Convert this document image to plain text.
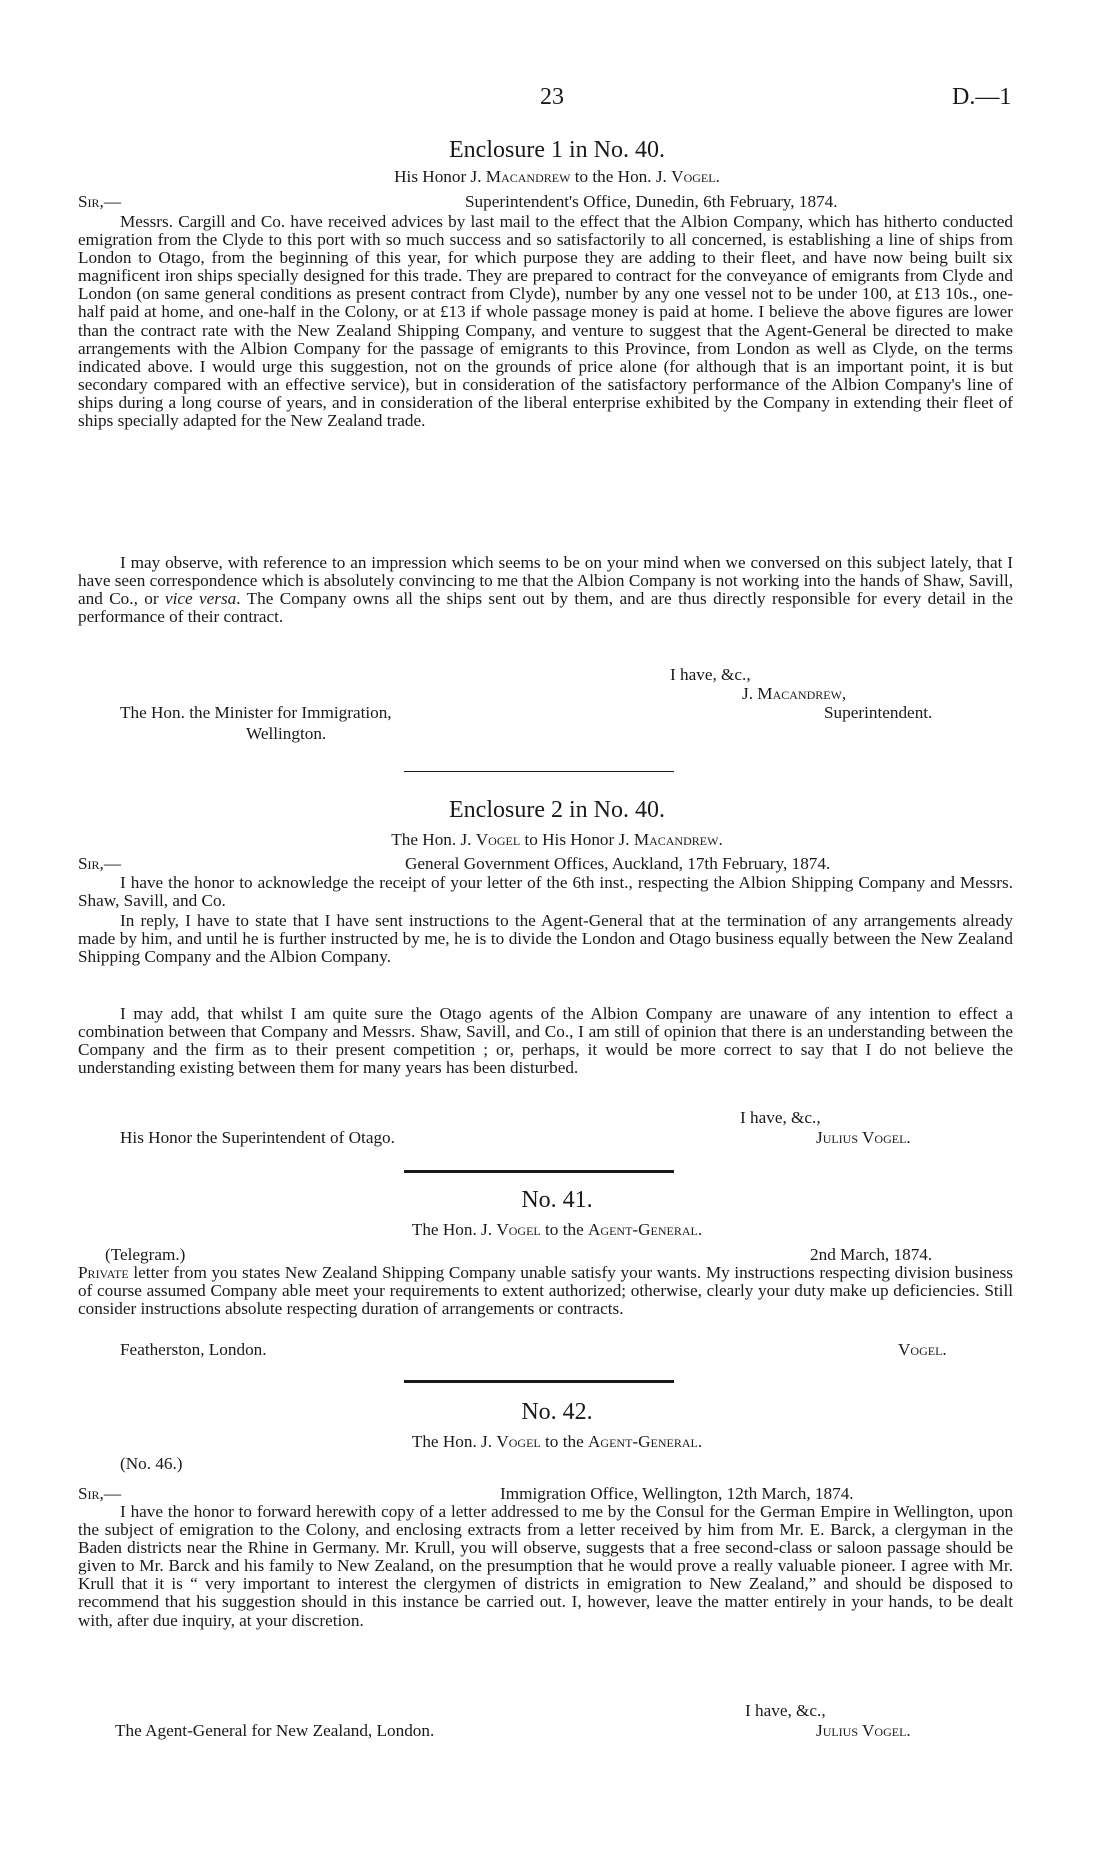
23	D.—1
Enclosure 1 in No. 40.
His Honor J. Macandrew to the Hon. J. Vogel.
Sir,—	Superintendent's Office, Dunedin, 6th February, 1874.

Messrs. Cargill and Co. have received advices by last mail to the effect that the Albion Company, which has hitherto conducted emigration from the Clyde to this port with so much success and so satisfactorily to all concerned, is establishing a line of ships from London to Otago, from the beginning of this year, for which purpose they are adding to their fleet, and have now being built six magnificent iron ships specially designed for this trade. They are prepared to contract for the conveyance of emigrants from Clyde and London (on same general conditions as present contract from Clyde), number by any one vessel not to be under 100, at £13 10s., one-half paid at home, and one-half in the Colony, or at £13 if whole passage money is paid at home. I believe the above figures are lower than the contract rate with the New Zealand Shipping Company, and venture to suggest that the Agent-General be directed to make arrangements with the Albion Company for the passage of emigrants to this Province, from London as well as Clyde, on the terms indicated above. I would urge this suggestion, not on the grounds of price alone (for although that is an important point, it is but secondary compared with an effective service), but in consideration of the satisfactory performance of the Albion Company's line of ships during a long course of years, and in consideration of the liberal enterprise exhibited by the Company in extending their fleet of ships specially adapted for the New Zealand trade.

I may observe, with reference to an impression which seems to be on your mind when we conversed on this subject lately, that I have seen correspondence which is absolutely convincing to me that the Albion Company is not working into the hands of Shaw, Savill, and Co., or vice versa. The Company owns all the ships sent out by them, and are thus directly responsible for every detail in the performance of their contract.

I have, &c.,
J. Macandrew,
The Hon. the Minister for Immigration,	Superintendent.
Wellington.
Enclosure 2 in No. 40.
The Hon. J. Vogel to His Honor J. Macandrew.
Sir,—	General Government Offices, Auckland, 17th February, 1874.

I have the honor to acknowledge the receipt of your letter of the 6th inst., respecting the Albion Shipping Company and Messrs. Shaw, Savill, and Co.

In reply, I have to state that I have sent instructions to the Agent-General that at the termination of any arrangements already made by him, and until he is further instructed by me, he is to divide the London and Otago business equally between the New Zealand Shipping Company and the Albion Company.

I may add, that whilst I am quite sure the Otago agents of the Albion Company are unaware of any intention to effect a combination between that Company and Messrs. Shaw, Savill, and Co., I am still of opinion that there is an understanding between the Company and the firm as to their present competition ; or, perhaps, it would be more correct to say that I do not believe the understanding existing between them for many years has been disturbed.

I have, &c.,
His Honor the Superintendent of Otago.	Julius Vogel.
No. 41.
The Hon. J. Vogel to the Agent-General.
(Telegram.)	2nd March, 1874.

Private letter from you states New Zealand Shipping Company unable satisfy your wants. My instructions respecting division business of course assumed Company able meet your requirements to extent authorized; otherwise, clearly your duty make up deficiencies. Still consider instructions absolute respecting duration of arrangements or contracts.

Featherston, London.	Vogel.
No. 42.
The Hon. J. Vogel to the Agent-General.
(No. 46.)
Sir,—	Immigration Office, Wellington, 12th March, 1874.

I have the honor to forward herewith copy of a letter addressed to me by the Consul for the German Empire in Wellington, upon the subject of emigration to the Colony, and enclosing extracts from a letter received by him from Mr. E. Barck, a clergyman in the Baden districts near the Rhine in Germany. Mr. Krull, you will observe, suggests that a free second-class or saloon passage should be given to Mr. Barck and his family to New Zealand, on the presumption that he would prove a really valuable pioneer. I agree with Mr. Krull that it is “ very important to interest the clergymen of districts in emigration to New Zealand,” and should be disposed to recommend that his suggestion should in this instance be carried out. I, however, leave the matter entirely in your hands, to be dealt with, after due inquiry, at your discretion.

I have, &c.,
The Agent-General for New Zealand, London.	Julius Vogel.
